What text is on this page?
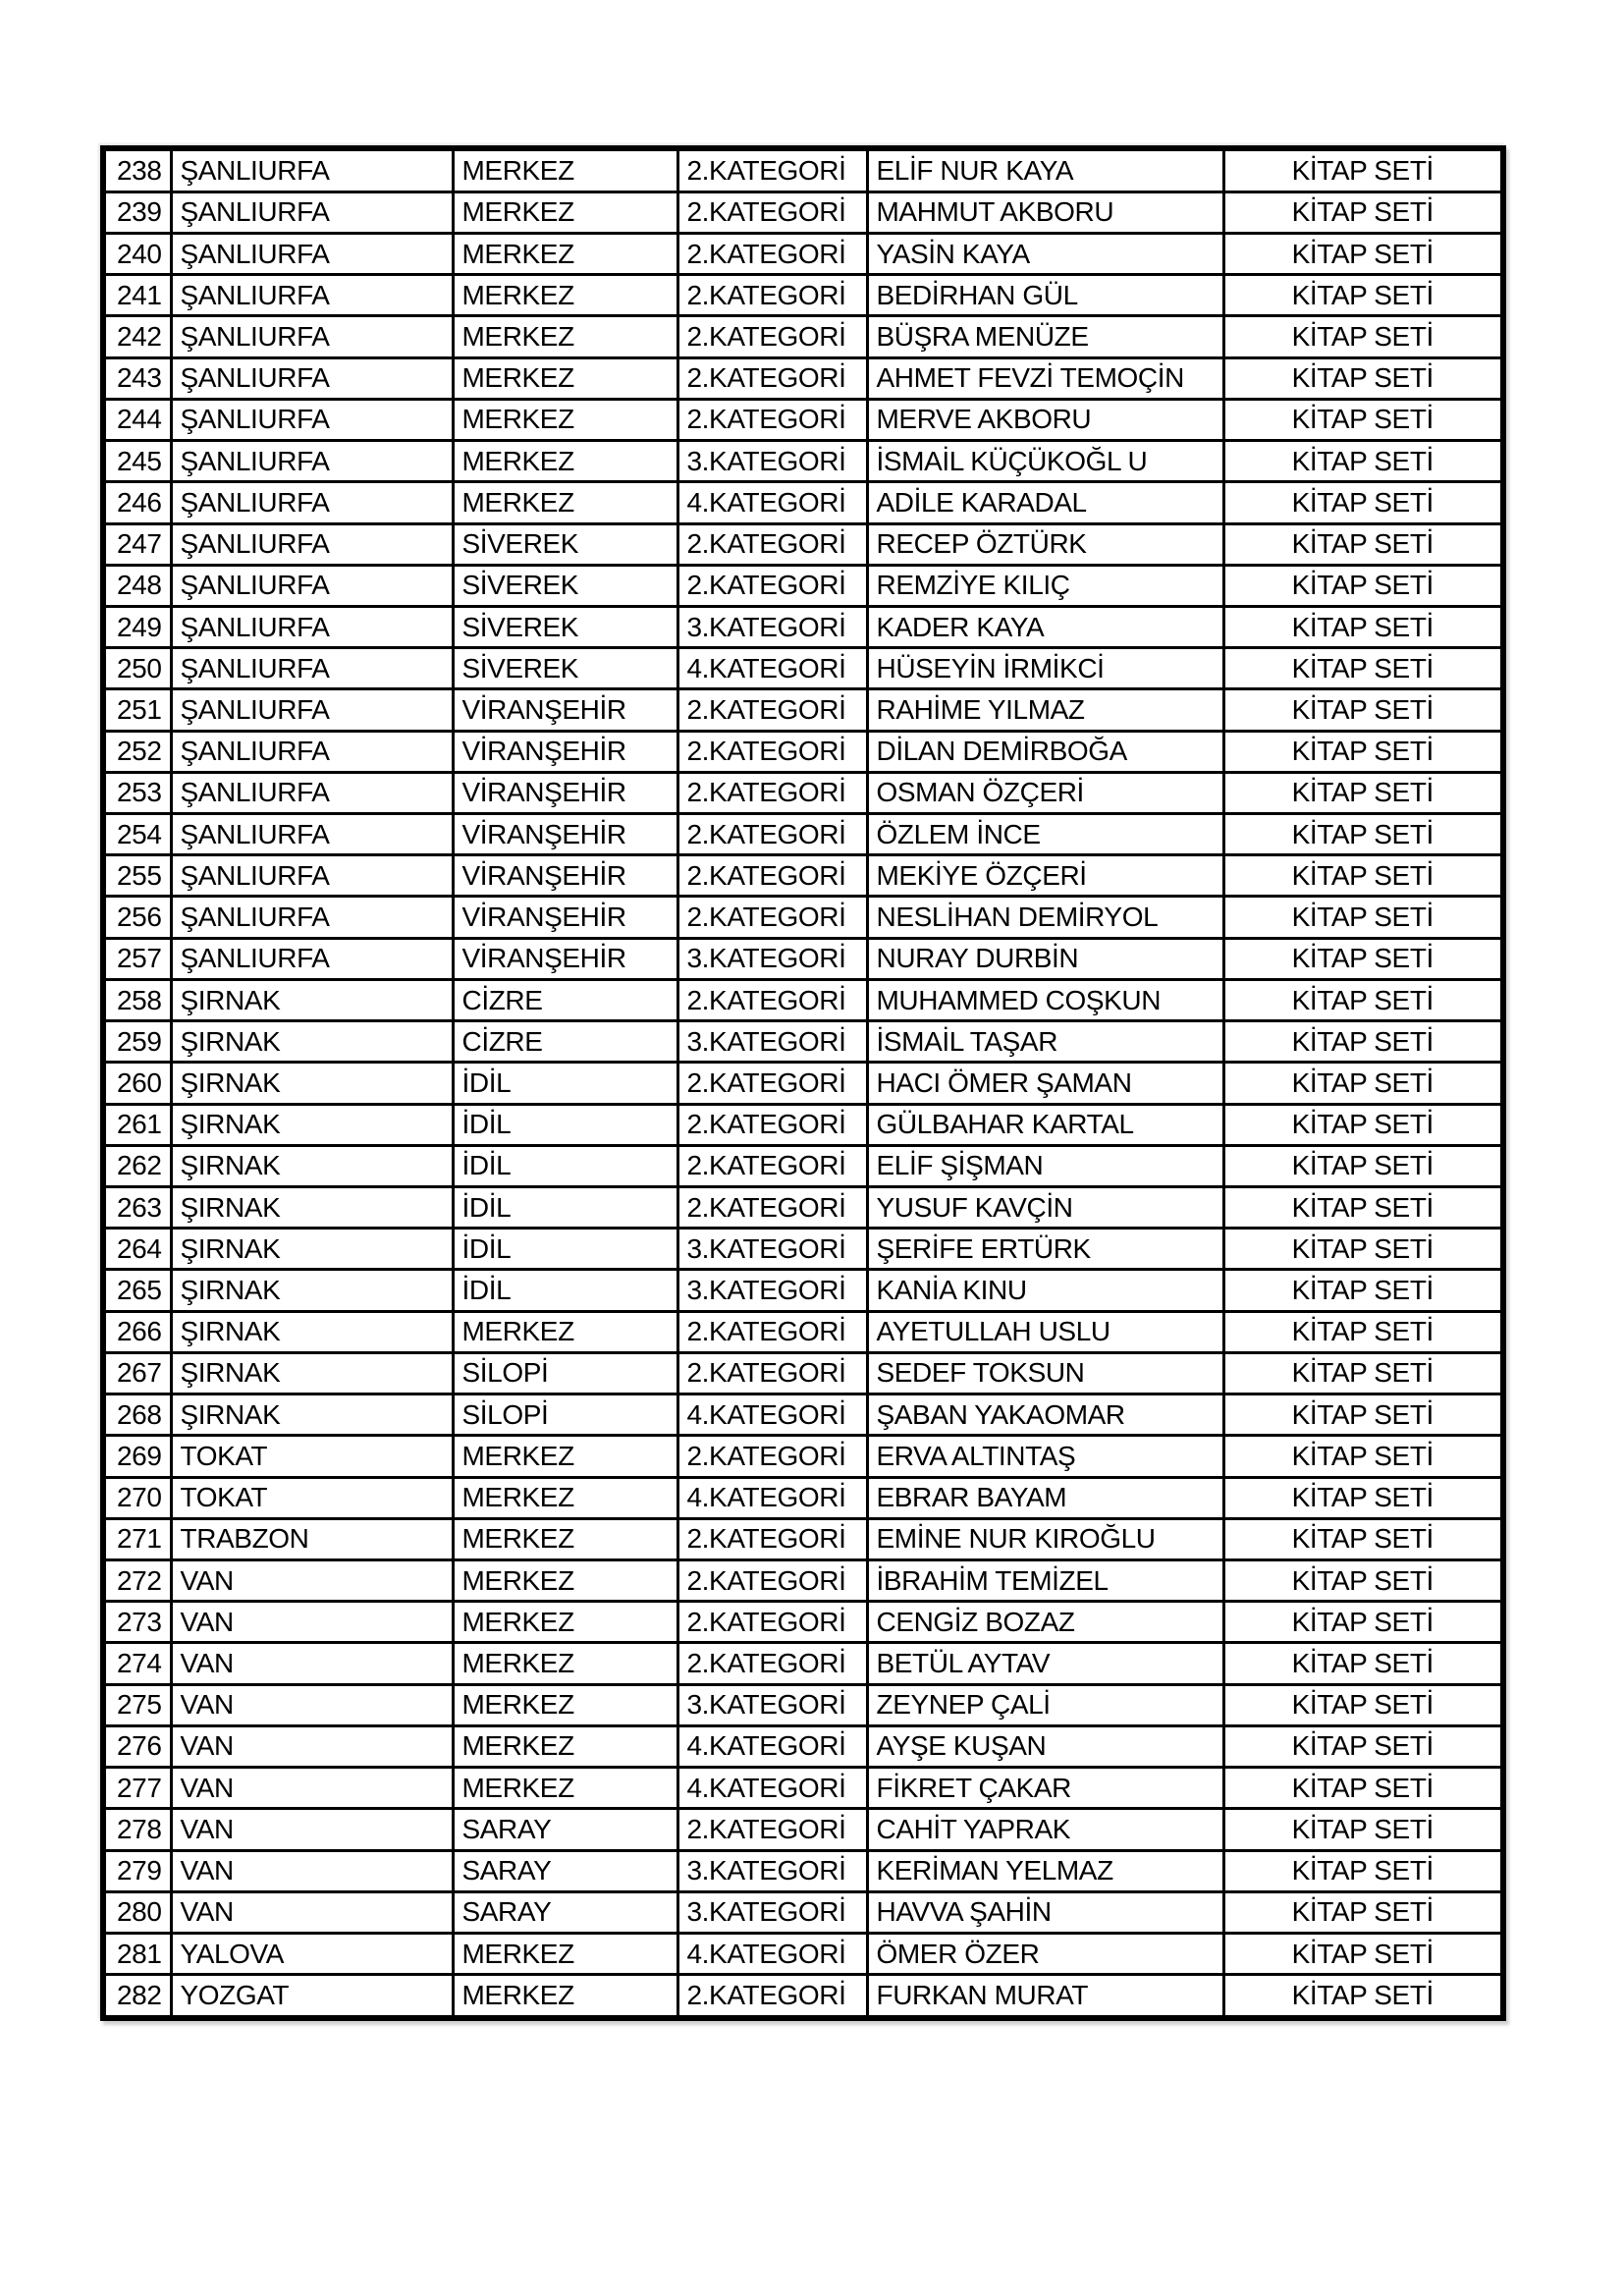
238	ŞANLIURFA	MERKEZ	2.KATEGORİ	ELİF NUR KAYA	KİTAP SETİ
239	ŞANLIURFA	MERKEZ	2.KATEGORİ	MAHMUT AKBORU	KİTAP SETİ
240	ŞANLIURFA	MERKEZ	2.KATEGORİ	YASİN KAYA	KİTAP SETİ
241	ŞANLIURFA	MERKEZ	2.KATEGORİ	BEDİRHAN GÜL	KİTAP SETİ
242	ŞANLIURFA	MERKEZ	2.KATEGORİ	BÜŞRA MENÜZE	KİTAP SETİ
243	ŞANLIURFA	MERKEZ	2.KATEGORİ	AHMET FEVZİ TEMOÇİN	KİTAP SETİ
244	ŞANLIURFA	MERKEZ	2.KATEGORİ	MERVE AKBORU	KİTAP SETİ
245	ŞANLIURFA	MERKEZ	3.KATEGORİ	İSMAİL KÜÇÜKOĞL U	KİTAP SETİ
246	ŞANLIURFA	MERKEZ	4.KATEGORİ	ADİLE KARADAL	KİTAP SETİ
247	ŞANLIURFA	SİVEREK	2.KATEGORİ	RECEP ÖZTÜRK	KİTAP SETİ
248	ŞANLIURFA	SİVEREK	2.KATEGORİ	REMZİYE KILIÇ	KİTAP SETİ
249	ŞANLIURFA	SİVEREK	3.KATEGORİ	KADER KAYA	KİTAP SETİ
250	ŞANLIURFA	SİVEREK	4.KATEGORİ	HÜSEYİN İRMİKCİ	KİTAP SETİ
251	ŞANLIURFA	VİRANŞEHİR	2.KATEGORİ	RAHİME YILMAZ	KİTAP SETİ
252	ŞANLIURFA	VİRANŞEHİR	2.KATEGORİ	DİLAN DEMİRBOĞA	KİTAP SETİ
253	ŞANLIURFA	VİRANŞEHİR	2.KATEGORİ	OSMAN ÖZÇERİ	KİTAP SETİ
254	ŞANLIURFA	VİRANŞEHİR	2.KATEGORİ	ÖZLEM İNCE	KİTAP SETİ
255	ŞANLIURFA	VİRANŞEHİR	2.KATEGORİ	MEKİYE ÖZÇERİ	KİTAP SETİ
256	ŞANLIURFA	VİRANŞEHİR	2.KATEGORİ	NESLİHAN DEMİRYOL	KİTAP SETİ
257	ŞANLIURFA	VİRANŞEHİR	3.KATEGORİ	NURAY DURBİN	KİTAP SETİ
258	ŞIRNAK	CİZRE	2.KATEGORİ	MUHAMMED COŞKUN	KİTAP SETİ
259	ŞIRNAK	CİZRE	3.KATEGORİ	İSMAİL TAŞAR	KİTAP SETİ
260	ŞIRNAK	İDİL	2.KATEGORİ	HACI ÖMER ŞAMAN	KİTAP SETİ
261	ŞIRNAK	İDİL	2.KATEGORİ	GÜLBAHAR KARTAL	KİTAP SETİ
262	ŞIRNAK	İDİL	2.KATEGORİ	ELİF ŞİŞMAN	KİTAP SETİ
263	ŞIRNAK	İDİL	2.KATEGORİ	YUSUF KAVÇİN	KİTAP SETİ
264	ŞIRNAK	İDİL	3.KATEGORİ	ŞERİFE ERTÜRK	KİTAP SETİ
265	ŞIRNAK	İDİL	3.KATEGORİ	KANİA KINU	KİTAP SETİ
266	ŞIRNAK	MERKEZ	2.KATEGORİ	AYETULLAH USLU	KİTAP SETİ
267	ŞIRNAK	SİLOPİ	2.KATEGORİ	SEDEF TOKSUN	KİTAP SETİ
268	ŞIRNAK	SİLOPİ	4.KATEGORİ	ŞABAN YAKAOMAR	KİTAP SETİ
269	TOKAT	MERKEZ	2.KATEGORİ	ERVA ALTINTAŞ	KİTAP SETİ
270	TOKAT	MERKEZ	4.KATEGORİ	EBRAR BAYAM	KİTAP SETİ
271	TRABZON	MERKEZ	2.KATEGORİ	EMİNE NUR KIROĞLU	KİTAP SETİ
272	VAN	MERKEZ	2.KATEGORİ	İBRAHİM TEMİZEL	KİTAP SETİ
273	VAN	MERKEZ	2.KATEGORİ	CENGİZ BOZAZ	KİTAP SETİ
274	VAN	MERKEZ	2.KATEGORİ	BETÜL AYTAV	KİTAP SETİ
275	VAN	MERKEZ	3.KATEGORİ	ZEYNEP ÇALİ	KİTAP SETİ
276	VAN	MERKEZ	4.KATEGORİ	AYŞE KUŞAN	KİTAP SETİ
277	VAN	MERKEZ	4.KATEGORİ	FİKRET ÇAKAR	KİTAP SETİ
278	VAN	SARAY	2.KATEGORİ	CAHİT YAPRAK	KİTAP SETİ
279	VAN	SARAY	3.KATEGORİ	KERİMAN YELMAZ	KİTAP SETİ
280	VAN	SARAY	3.KATEGORİ	HAVVA ŞAHİN	KİTAP SETİ
281	YALOVA	MERKEZ	4.KATEGORİ	ÖMER ÖZER	KİTAP SETİ
282	YOZGAT	MERKEZ	2.KATEGORİ	FURKAN MURAT	KİTAP SETİ
